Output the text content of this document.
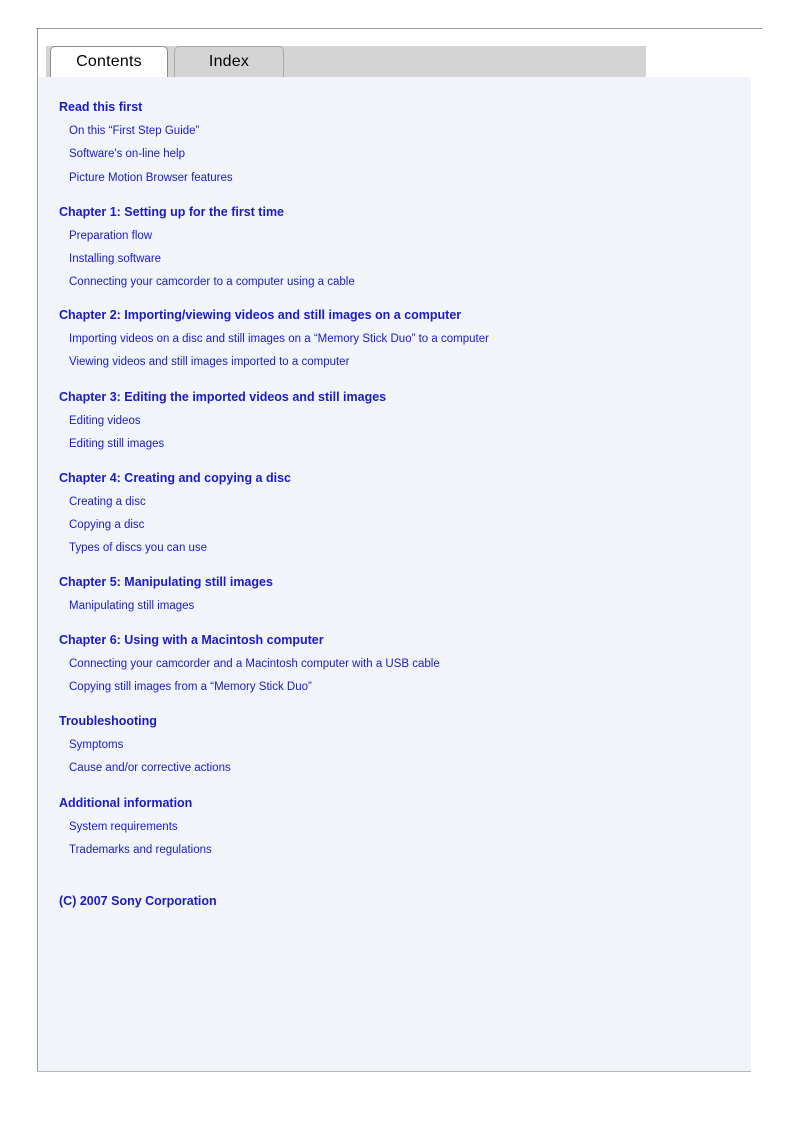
Contents	Index
Read this first
On this “First Step Guide”
Software's on-line help
Picture Motion Browser features
Chapter 1: Setting up for the first time
Preparation flow
Installing software
Connecting your camcorder to a computer using a cable
Chapter 2: Importing/viewing videos and still images on a computer
Importing videos on a disc and still images on a “Memory Stick Duo” to a computer
Viewing videos and still images imported to a computer
Chapter 3: Editing the imported videos and still images
Editing videos
Editing still images
Chapter 4: Creating and copying a disc
Creating a disc
Copying a disc
Types of discs you can use
Chapter 5: Manipulating still images
Manipulating still images
Chapter 6: Using with a Macintosh computer
Connecting your camcorder and a Macintosh computer with a USB cable
Copying still images from a “Memory Stick Duo”
Troubleshooting
Symptoms
Cause and/or corrective actions
Additional information
System requirements
Trademarks and regulations
(C) 2007 Sony Corporation
